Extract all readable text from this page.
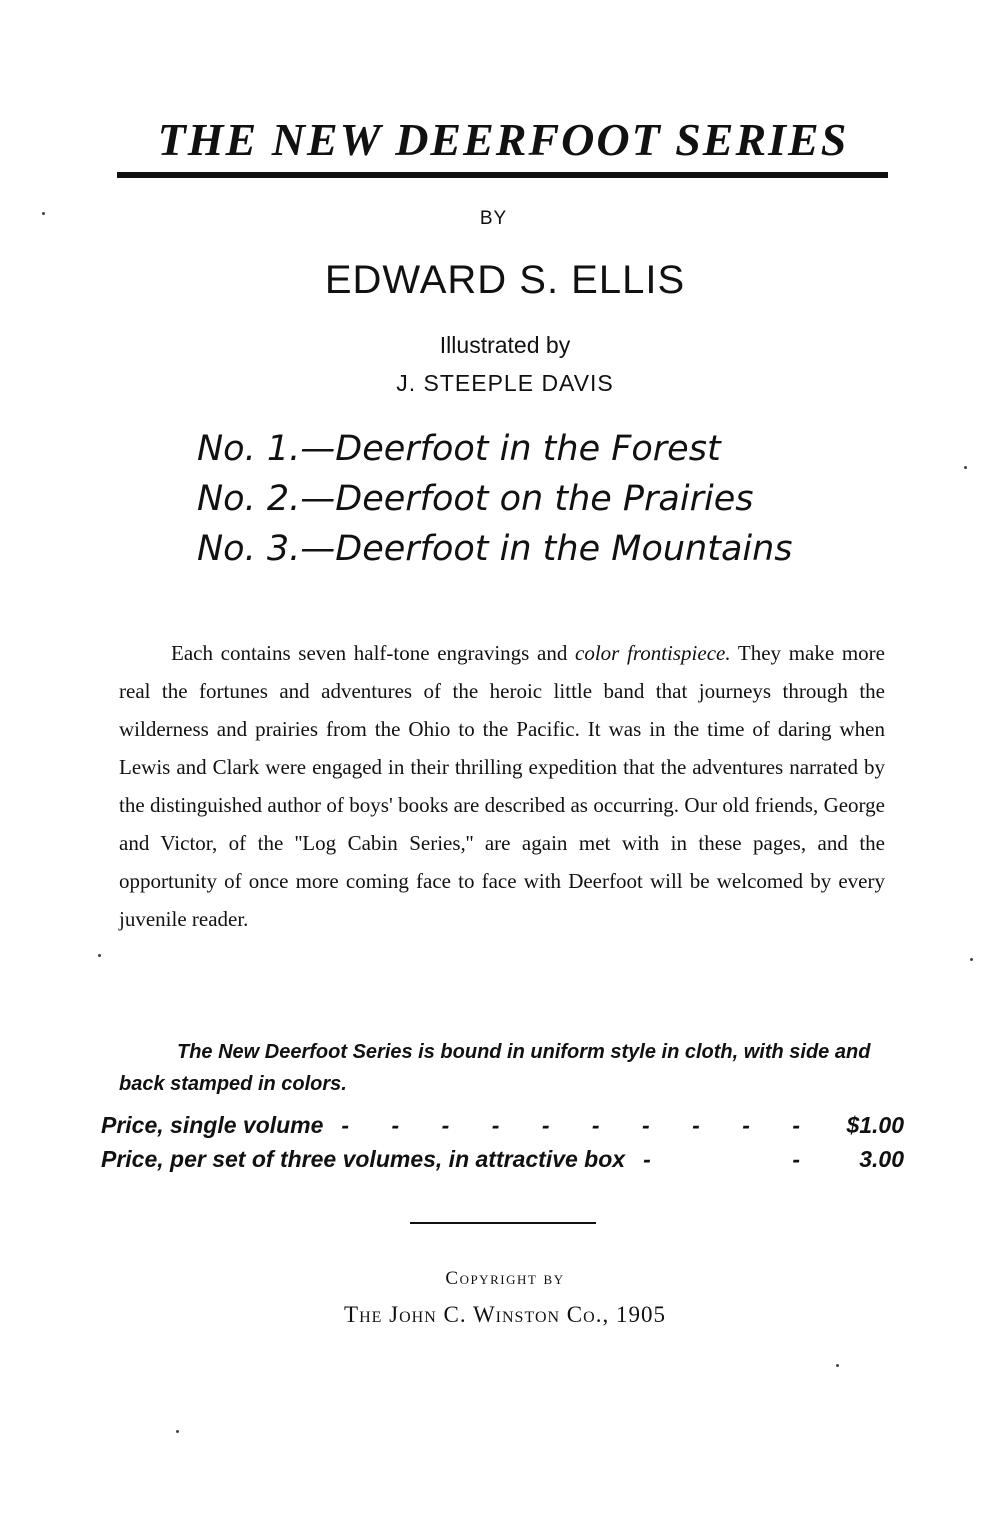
THE NEW DEERFOOT SERIES
BY
EDWARD S. ELLIS
Illustrated by
J. STEEPLE DAVIS
No. 1.—Deerfoot in the Forest
No. 2.—Deerfoot on the Prairies
No. 3.—Deerfoot in the Mountains

Each contains seven half-tone engravings and color frontispiece. They make more real the fortunes and adventures of the heroic little band that journeys through the wilderness and prairies from the Ohio to the Pacific. It was in the time of daring when Lewis and Clark were engaged in their thrilling expedition that the adventures narrated by the distinguished author of boys' books are described as occurring. Our old friends, George and Victor, of the ''Log Cabin Series,'' are again met with in these pages, and the opportunity of once more coming face to face with Deerfoot will be welcomed by every juvenile reader.

The New Deerfoot Series is bound in uniform style in cloth, with side and back stamped in colors.

Price, single volume - - - - - - - - - -	$1.00
Price, per set of three volumes, in attractive box - -	3.00
Copyright by
The John C. Winston Co., 1905
